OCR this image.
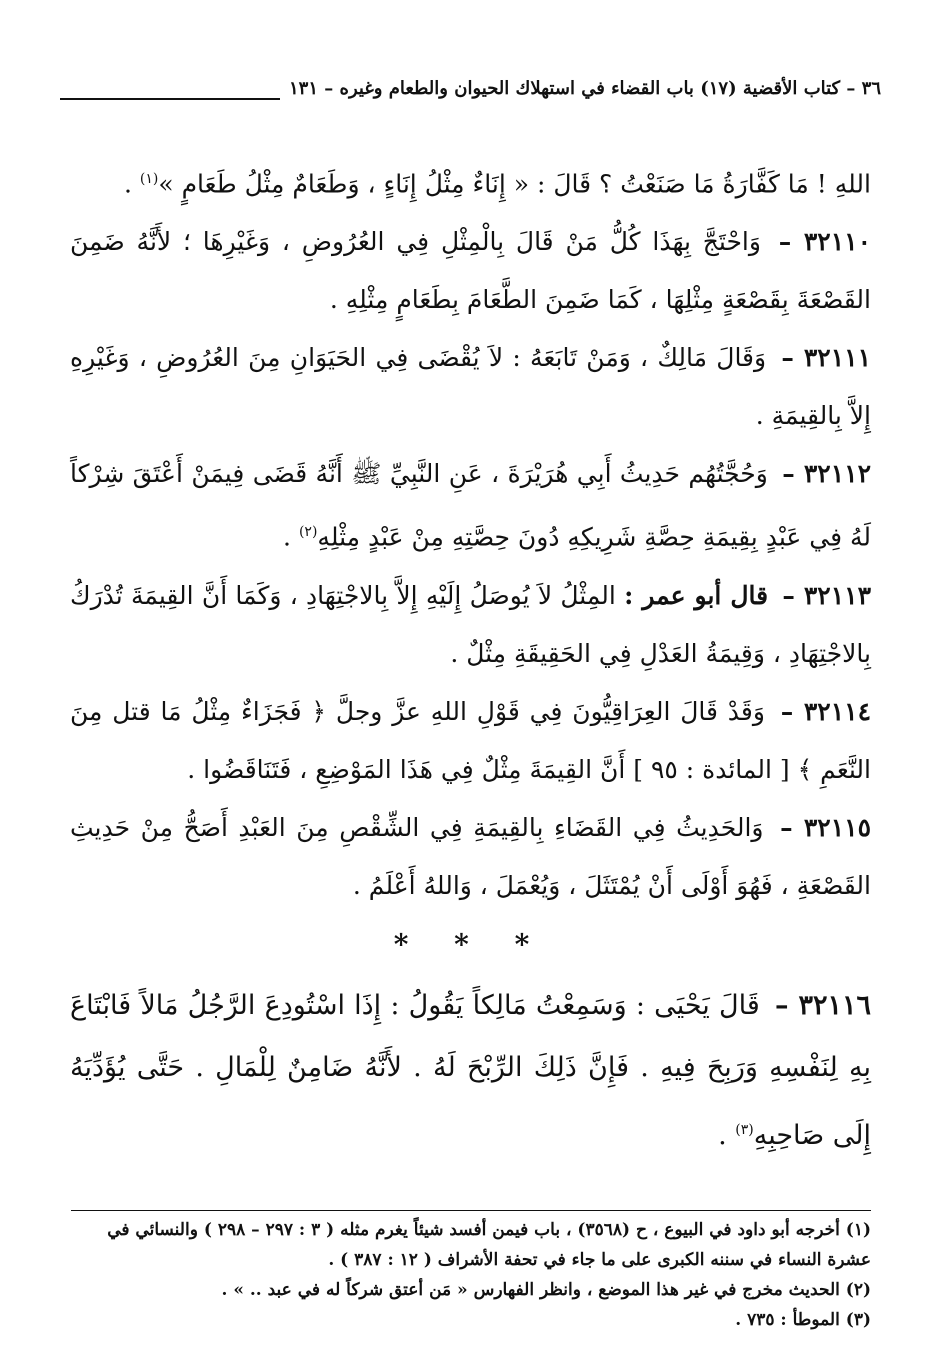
٣٦ – كتاب الأقضية (١٧) باب القضاء في استهلاك الحيوان والطعام وغيره – ١٣١

اللهِ ! مَا كَفَّارَةُ مَا صَنَعْتُ ؟ قَالَ : « إِنَاءٌ مِثْلُ إِنَاءٍ ، وَطَعَامٌ مِثْلُ طَعَامٍ »$^{(١)}$ .

٣٢١١٠ – وَاحْتَجَّ بِهَذَا كُلُّ مَنْ قَالَ بِالْمِثْلِ فِي العُرُوضِ ، وَغَيْرِهَا ؛ لأَنَّهُ ضَمِنَ القَصْعَةَ بِقَصْعَةٍ مِثْلِهَا ، كَمَا ضَمِنَ الطَّعَامَ بِطَعَامٍ مِثْلِهِ .

٣٢١١١ – وَقَالَ مَالِكٌ ، وَمَنْ تَابَعَهُ : لاَ يُقْضَى فِي الحَيَوَانِ مِنَ العُرُوضِ ، وَغَيْرِهِ إِلاَّ بِالقِيمَةِ .

٣٢١١٢ – وَحُجَّتُهُم حَدِيثُ أَبِي هُرَيْرَةَ ، عَنِ النَّبِيِّ ﷺ أَنَّهُ قَضَى فِيمَنْ أَعْتَقَ شِرْكاً لَهُ فِي عَبْدٍ بِقِيمَةِ حِصَّةِ شَرِيكِهِ دُونَ حِصَّتِهِ مِنْ عَبْدٍ مِثْلِهِ$^{(٢)}$ .

٣٢١١٣ – قال أبو عمر : المِثْلُ لاَ يُوصَلُ إِلَيْهِ إِلاَّ بِالاجْتِهَادِ ، وَكَمَا أَنَّ القِيمَةَ تُدْرَكُ بِالاجْتِهَادِ ، وَقِيمَةُ العَدْلِ فِي الحَقِيقَةِ مِثْلٌ .

٣٢١١٤ – وَقَدْ قَالَ العِرَاقِيُّونَ فِي قَوْلِ اللهِ عزَّ وجلَّ ﴿ فَجَزَاءٌ مِثْلُ مَا قتل مِنَ النَّعَمِ ﴾ [ المائدة : ٩٥ ] أَنَّ القِيمَةَ مِثْلٌ فِي هَذَا المَوْضِعِ ، فَتَنَاقَضُوا .

٣٢١١٥ – وَالحَدِيثُ فِي القَضَاءِ بِالقِيمَةِ فِي الشِّقْصِ مِنَ العَبْدِ أَصَحُّ مِنْ حَدِيثِ القَصْعَةِ ، فَهُوَ أَوْلَى أَنْ يُمْتَثَلَ ، وَيُعْمَلَ ، وَاللهُ أَعْلَمُ .

* * *

٣٢١١٦ – قَالَ يَحْيَى : وَسَمِعْتُ مَالِكاً يَقُولُ : إِذَا اسْتُودِعَ الرَّجُلُ مَالاً فَابْتَاعَ بِهِ لِنَفْسِهِ وَرَبِحَ فِيهِ . فَإِنَّ ذَلِكَ الرِّبْحَ لَهُ . لأَنَّهُ ضَامِنٌ لِلْمَالِ . حَتَّى يُؤَدِّيَهُ إِلَى صَاحِبِهِ$^{(٣)}$ .

(١) أخرجه أبو داود في البيوع ، ح (٣٥٦٨) ، باب فيمن أفسد شيئاً يغرم مثله ( ٣ : ٢٩٧ – ٢٩٨ ) والنسائي في عشرة النساء في سننه الكبرى على ما جاء في تحفة الأشراف ( ١٢ : ٣٨٧ ) .

(٢) الحديث مخرج في غير هذا الموضع ، وانظر الفهارس « مَن أعتق شركاً له في عبد .. » .

(٣) الموطأ : ٧٣٥ .
